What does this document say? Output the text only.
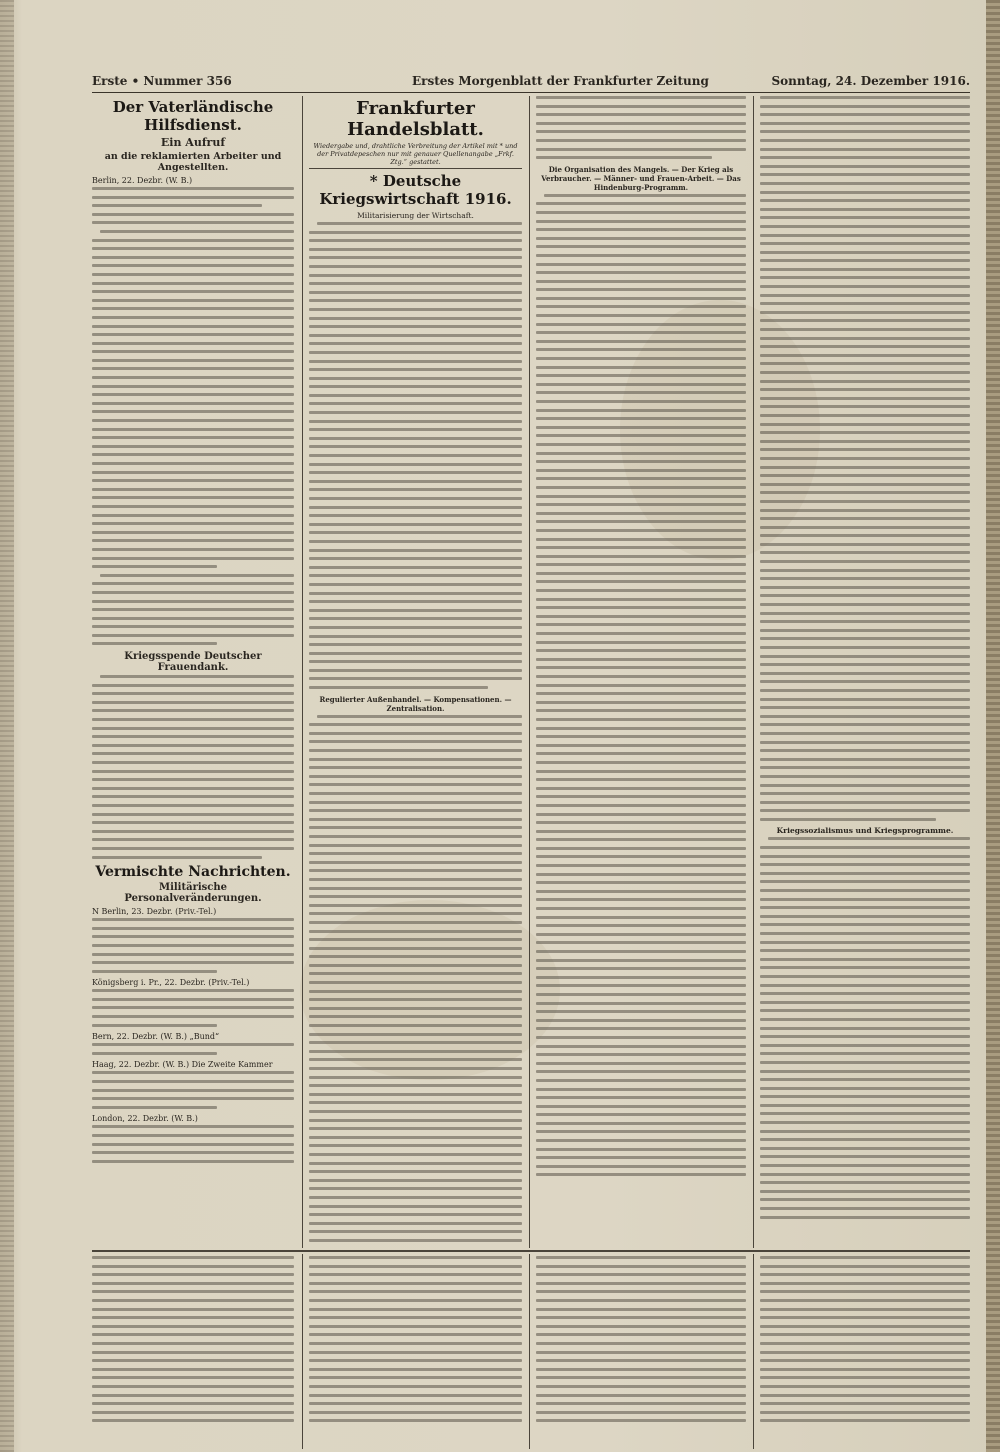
Erste • Nummer 356	Erstes Morgenblatt der Frankfurter Zeitung	Sonntag, 24. Dezember 1916.
Der Vaterländische Hilfsdienst.
Ein Aufruf
an die reklamierten Arbeiter und Angestellten.
Berlin, 22. Dezbr. (W. B.)
Kriegsspende Deutscher Frauendank.
Vermischte Nachrichten.
Militärische Personalveränderungen.
N Berlin, 23. Dezbr. (Priv.-Tel.)
Königsberg i. Pr., 22. Dezbr. (Priv.-Tel.)
Bern, 22. Dezbr. (W. B.) „Bund“
Haag, 22. Dezbr. (W. B.) Die Zweite Kammer
London, 22. Dezbr. (W. B.)
Frankfurter Handelsblatt.
Wiedergabe und, drahtliche Verbreitung der Artikel mit * und der Privatdepeschen nur mit genauer Quellenangabe „Frkf. Ztg.“ gestattet.
* Deutsche Kriegswirtschaft 1916.
Militarisierung der Wirtschaft.
Regulierter Außenhandel. — Kompensationen. — Zentralisation.
Die Organisation des Mangels. — Der Krieg als Verbraucher. — Männer- und Frauen-Arbeit. — Das Hindenburg-Programm.
Kriegssozialismus und Kriegsprogramme.
